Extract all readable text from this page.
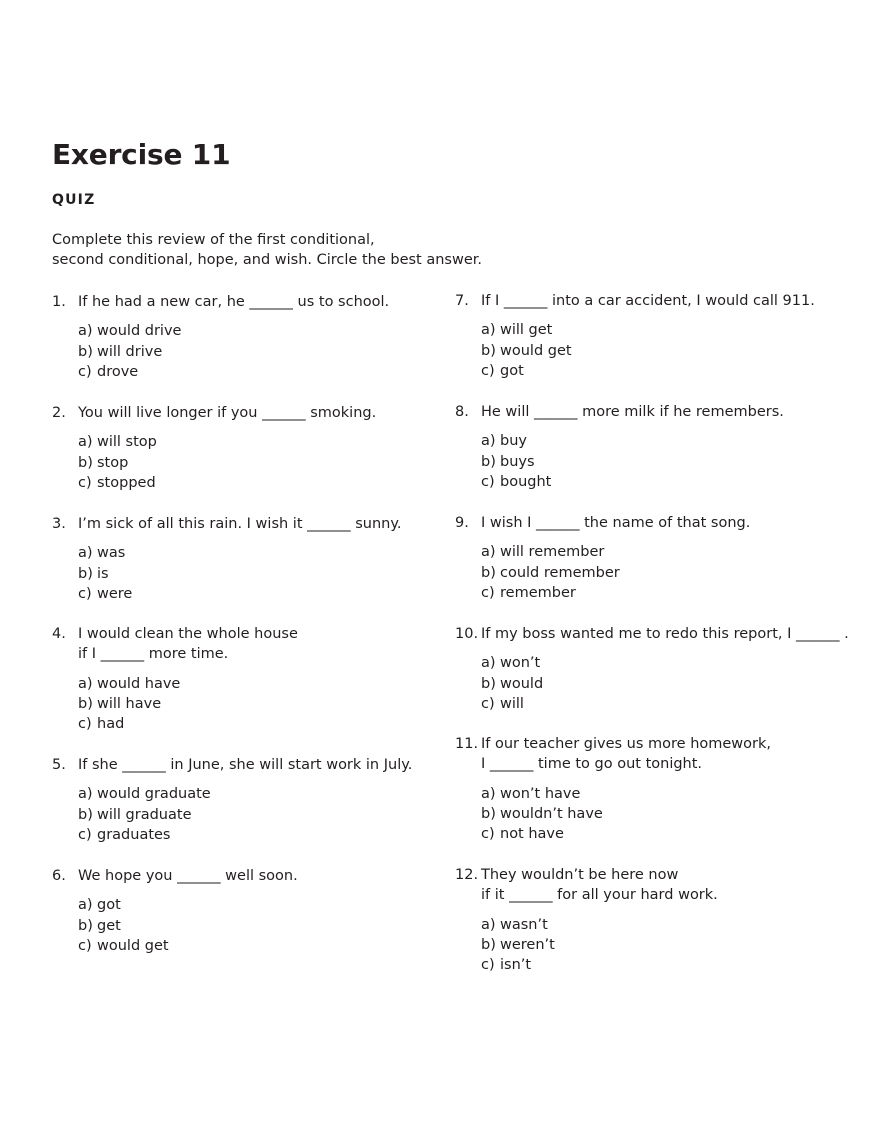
Exercise 11
QUIZ

Complete this review of the first conditional,
second conditional, hope, and wish. Circle the best answer.

1. If he had a new car, he ______ us to school.
a) would drive
b) will drive
c) drove
2. You will live longer if you ______ smoking.
a) will stop
b) stop
c) stopped
3. I’m sick of all this rain. I wish it ______ sunny.
a) was
b) is
c) were
4. I would clean the whole house
if I ______ more time.
a) would have
b) will have
c) had
5. If she ______ in June, she will start work in July.
a) would graduate
b) will graduate
c) graduates
6. We hope you ______ well soon.
a) got
b) get
c) would get
7. If I ______ into a car accident, I would call 911.
a) will get
b) would get
c) got
8. He will ______ more milk if he remembers.
a) buy
b) buys
c) bought
9. I wish I ______ the name of that song.
a) will remember
b) could remember
c) remember
10. If my boss wanted me to redo this report, I ______ .
a) won’t
b) would
c) will
11. If our teacher gives us more homework,
I ______ time to go out tonight.
a) won’t have
b) wouldn’t have
c) not have
12. They wouldn’t be here now
if it ______ for all your hard work.
a) wasn’t
b) weren’t
c) isn’t
